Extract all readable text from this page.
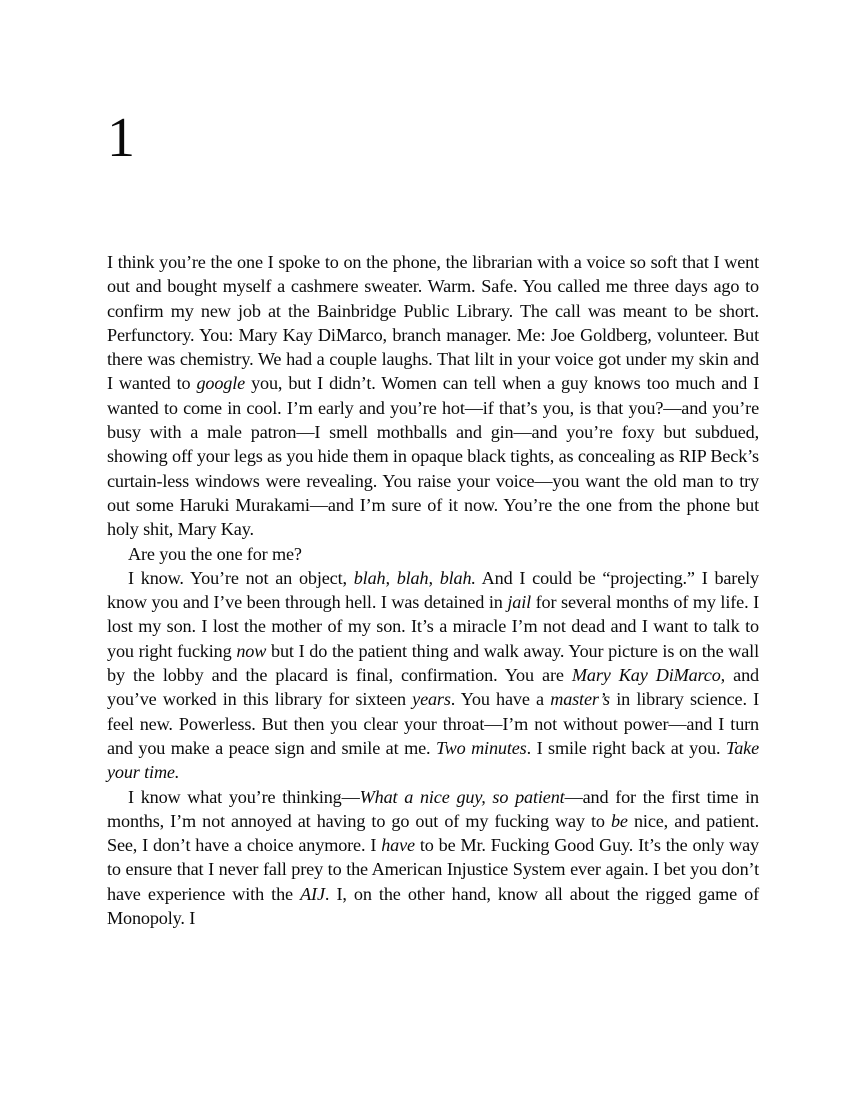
1

I think you’re the one I spoke to on the phone, the librarian with a voice so soft that I went out and bought myself a cashmere sweater. Warm. Safe. You called me three days ago to confirm my new job at the Bainbridge Public Library. The call was meant to be short. Perfunctory. You: Mary Kay DiMarco, branch manager. Me: Joe Goldberg, volunteer. But there was chemistry. We had a couple laughs. That lilt in your voice got under my skin and I wanted to google you, but I didn’t. Women can tell when a guy knows too much and I wanted to come in cool. I’m early and you’re hot—if that’s you, is that you?—and you’re busy with a male patron—I smell mothballs and gin—and you’re foxy but subdued, showing off your legs as you hide them in opaque black tights, as concealing as RIP Beck’s curtain-less windows were revealing. You raise your voice—you want the old man to try out some Haruki Murakami—and I’m sure of it now. You’re the one from the phone but holy shit, Mary Kay.

Are you the one for me?

I know. You’re not an object, blah, blah, blah. And I could be “projecting.” I barely know you and I’ve been through hell. I was detained in jail for several months of my life. I lost my son. I lost the mother of my son. It’s a miracle I’m not dead and I want to talk to you right fucking now but I do the patient thing and walk away. Your picture is on the wall by the lobby and the placard is final, confirmation. You are Mary Kay DiMarco, and you’ve worked in this library for sixteen years. You have a master’s in library science. I feel new. Powerless. But then you clear your throat—I’m not without power—and I turn and you make a peace sign and smile at me. Two minutes. I smile right back at you. Take your time.

I know what you’re thinking—What a nice guy, so patient—and for the first time in months, I’m not annoyed at having to go out of my fucking way to be nice, and patient. See, I don’t have a choice anymore. I have to be Mr. Fucking Good Guy. It’s the only way to ensure that I never fall prey to the American Injustice System ever again. I bet you don’t have experience with the AIJ. I, on the other hand, know all about the rigged game of Monopoly. I
